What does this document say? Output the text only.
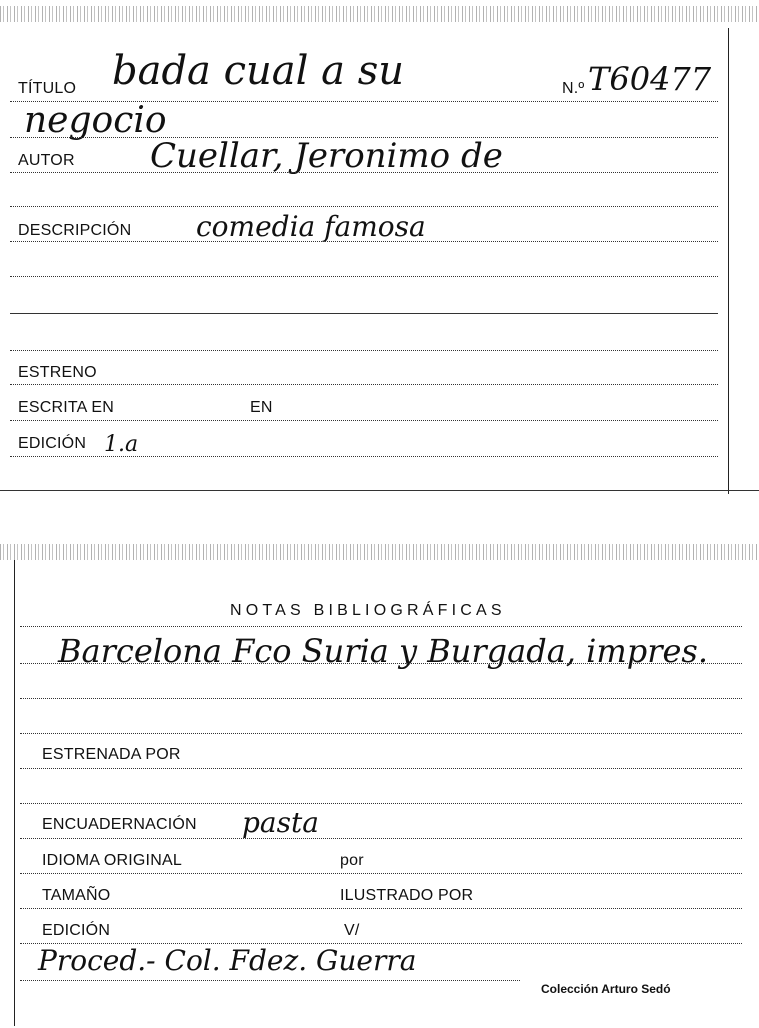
TÍTULO bada cual a su	N.º T60477
negocio
AUTOR Cuellar, Jeronimo de
DESCRIPCIÓN comedia famosa
ESTRENO
ESCRITA EN	EN
EDICIÓN 1.a
NOTAS BIBLIOGRÁFICAS
Barcelona Fco Suria y Burgada, impres.
ESTRENADA POR
ENCUADERNACIÓN pasta
IDIOMA ORIGINAL	por
TAMAÑO	ILUSTRADO POR
EDICIÓN	V/
Proced.- Col. Fdez. Guerra
Colección Arturo Sedó
